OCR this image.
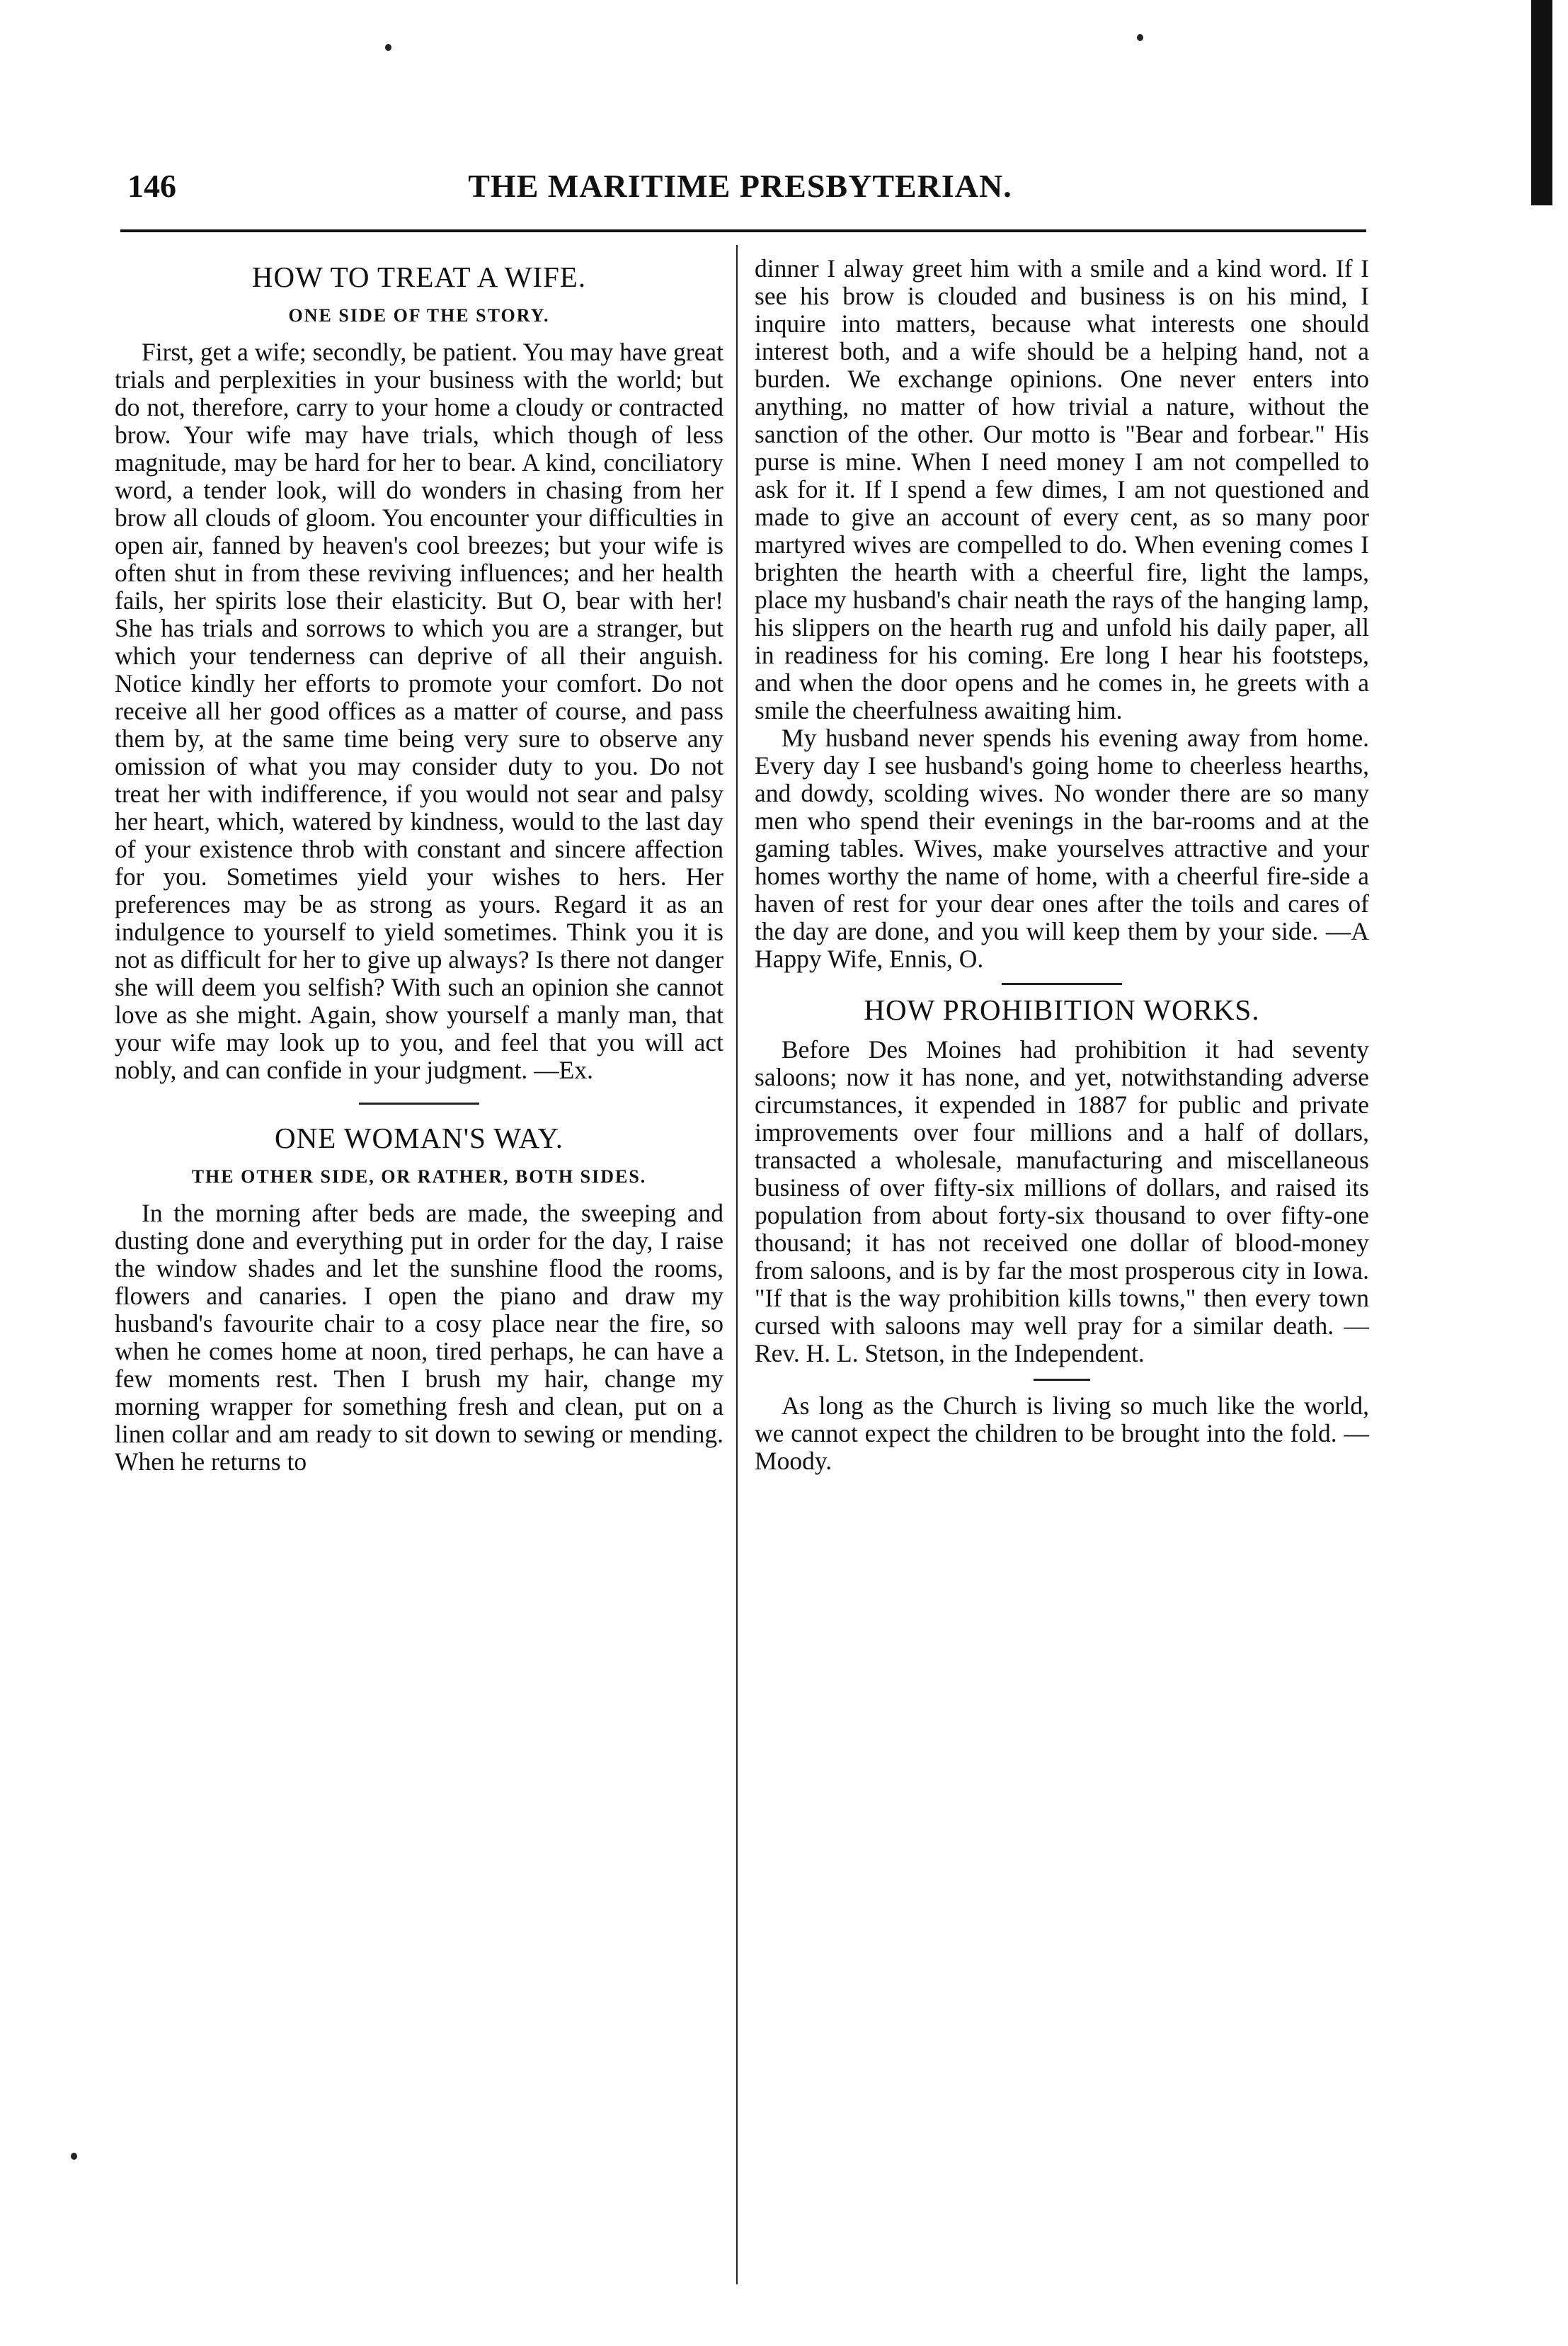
146	THE MARITIME PRESBYTERIAN.
HOW TO TREAT A WIFE.
ONE SIDE OF THE STORY.

First, get a wife; secondly, be patient. You may have great trials and perplexities in your business with the world; but do not, therefore, carry to your home a cloudy or contracted brow. Your wife may have trials, which though of less magnitude, may be hard for her to bear. A kind, conciliatory word, a tender look, will do wonders in chasing from her brow all clouds of gloom. You encounter your difficulties in open air, fanned by heaven's cool breezes; but your wife is often shut in from these reviving influences; and her health fails, her spirits lose their elasticity. But O, bear with her! She has trials and sorrows to which you are a stranger, but which your tenderness can deprive of all their anguish. Notice kindly her efforts to promote your comfort. Do not receive all her good offices as a matter of course, and pass them by, at the same time being very sure to observe any omission of what you may consider duty to you. Do not treat her with indifference, if you would not sear and palsy her heart, which, watered by kindness, would to the last day of your existence throb with constant and sincere affection for you. Sometimes yield your wishes to hers. Her preferences may be as strong as yours. Regard it as an indulgence to yourself to yield sometimes. Think you it is not as difficult for her to give up always? Is there not danger she will deem you selfish? With such an opinion she cannot love as she might. Again, show yourself a manly man, that your wife may look up to you, and feel that you will act nobly, and can confide in your judgment. —Ex.

ONE WOMAN'S WAY.
THE OTHER SIDE, OR RATHER, BOTH SIDES.

In the morning after beds are made, the sweeping and dusting done and everything put in order for the day, I raise the window shades and let the sunshine flood the rooms, flowers and canaries. I open the piano and draw my husband's favourite chair to a cosy place near the fire, so when he comes home at noon, tired perhaps, he can have a few moments rest. Then I brush my hair, change my morning wrapper for something fresh and clean, put on a linen collar and am ready to sit down to sewing or mending. When he returns to

dinner I alway greet him with a smile and a kind word. If I see his brow is clouded and business is on his mind, I inquire into matters, because what interests one should interest both, and a wife should be a helping hand, not a burden. We exchange opinions. One never enters into anything, no matter of how trivial a nature, without the sanction of the other. Our motto is "Bear and forbear." His purse is mine. When I need money I am not compelled to ask for it. If I spend a few dimes, I am not questioned and made to give an account of every cent, as so many poor martyred wives are compelled to do. When evening comes I brighten the hearth with a cheerful fire, light the lamps, place my husband's chair neath the rays of the hanging lamp, his slippers on the hearth rug and unfold his daily paper, all in readiness for his coming. Ere long I hear his footsteps, and when the door opens and he comes in, he greets with a smile the cheerfulness awaiting him.

My husband never spends his evening away from home. Every day I see husband's going home to cheerless hearths, and dowdy, scolding wives. No wonder there are so many men who spend their evenings in the bar-rooms and at the gaming tables. Wives, make yourselves attractive and your homes worthy the name of home, with a cheerful fire-side a haven of rest for your dear ones after the toils and cares of the day are done, and you will keep them by your side. —A Happy Wife, Ennis, O.

HOW PROHIBITION WORKS.

Before Des Moines had prohibition it had seventy saloons; now it has none, and yet, notwithstanding adverse circumstances, it expended in 1887 for public and private improvements over four millions and a half of dollars, transacted a wholesale, manufacturing and miscellaneous business of over fifty-six millions of dollars, and raised its population from about forty-six thousand to over fifty-one thousand; it has not received one dollar of blood-money from saloons, and is by far the most prosperous city in Iowa. "If that is the way prohibition kills towns," then every town cursed with saloons may well pray for a similar death. —Rev. H. L. Stetson, in the Independent.

As long as the Church is living so much like the world, we cannot expect the children to be brought into the fold. —Moody.
